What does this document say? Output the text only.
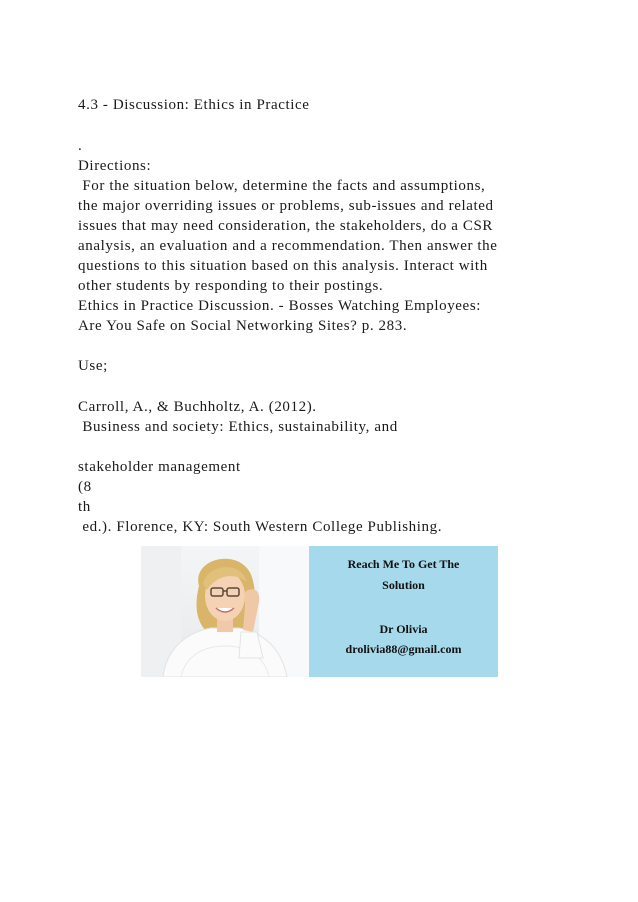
4.3 - Discussion: Ethics in Practice

.

Directions:

For the situation below, determine the facts and assumptions,

the major overriding issues or problems, sub-issues and related

issues that may need consideration, the stakeholders, do a CSR

analysis, an evaluation and a recommendation. Then answer the

questions to this situation based on this analysis. Interact with

other students by responding to their postings.

Ethics in Practice Discussion. - Bosses Watching Employees:

Are You Safe on Social Networking Sites? p. 283.

Use;

Carroll, A., & Buchholtz, A. (2012).

Business and society: Ethics, sustainability, and

stakeholder management

(8

th

ed.). Florence, KY: South Western College Publishing.

Reach Me To Get The
Solution
Dr Olivia
drolivia88@gmail.com
